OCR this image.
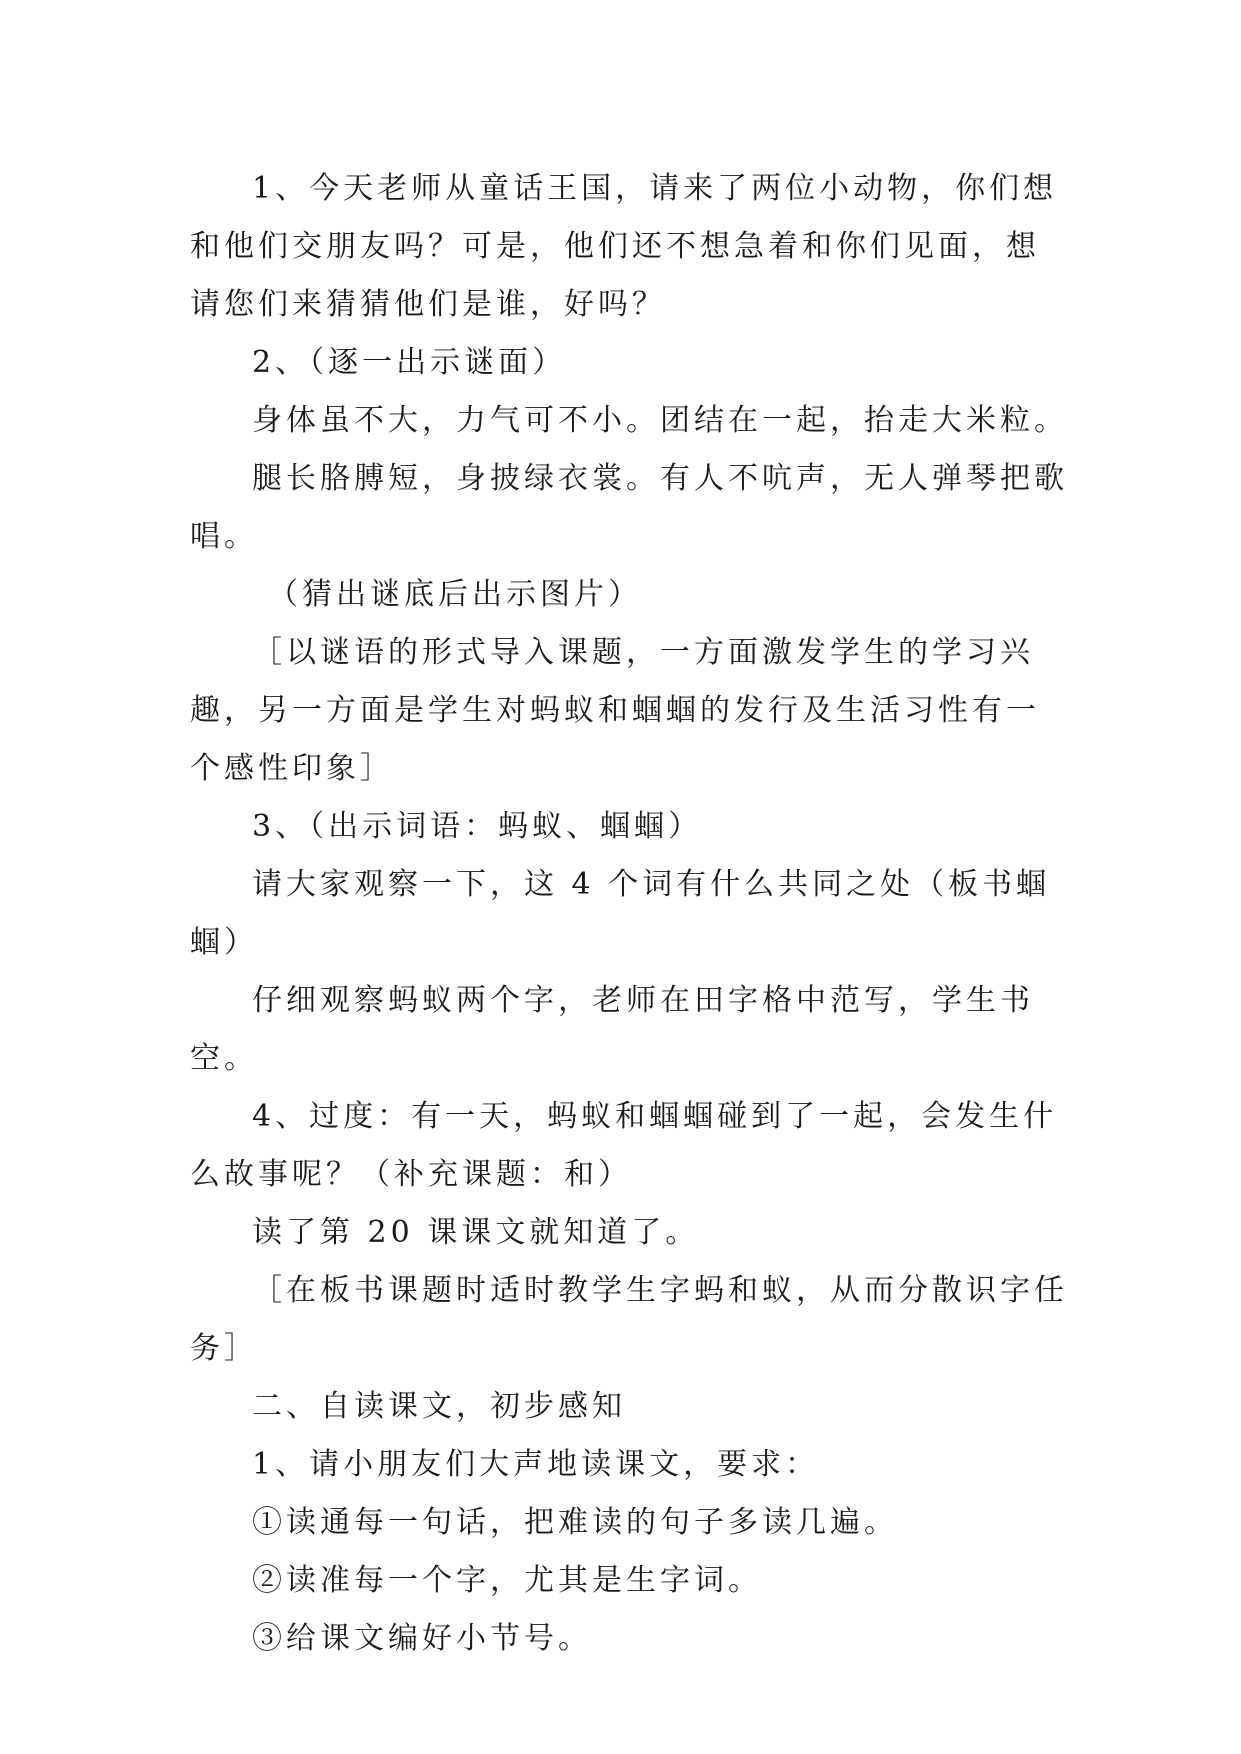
1、今天老师从童话王国，请来了两位小动物，你们想和他们交朋友吗？可是，他们还不想急着和你们见面，想请您们来猜猜他们是谁，好吗？

2、（逐一出示谜面）

身体虽不大，力气可不小。团结在一起，抬走大米粒。

腿长胳膊短，身披绿衣裳。有人不吭声，无人弹琴把歌唱。

（猜出谜底后出示图片）

［以谜语的形式导入课题，一方面激发学生的学习兴趣，另一方面是学生对蚂蚁和蝈蝈的发行及生活习性有一个感性印象］

3、（出示词语：蚂蚁、蝈蝈）

请大家观察一下，这 4 个词有什么共同之处（板书蝈蝈）

仔细观察蚂蚁两个字，老师在田字格中范写，学生书空。

4、过度：有一天，蚂蚁和蝈蝈碰到了一起，会发生什么故事呢？（补充课题：和）

读了第 20 课课文就知道了。

［在板书课题时适时教学生字蚂和蚁，从而分散识字任务］

二、自读课文，初步感知

1、请小朋友们大声地读课文，要求：

①读通每一句话，把难读的句子多读几遍。

②读准每一个字，尤其是生字词。

③给课文编好小节号。
